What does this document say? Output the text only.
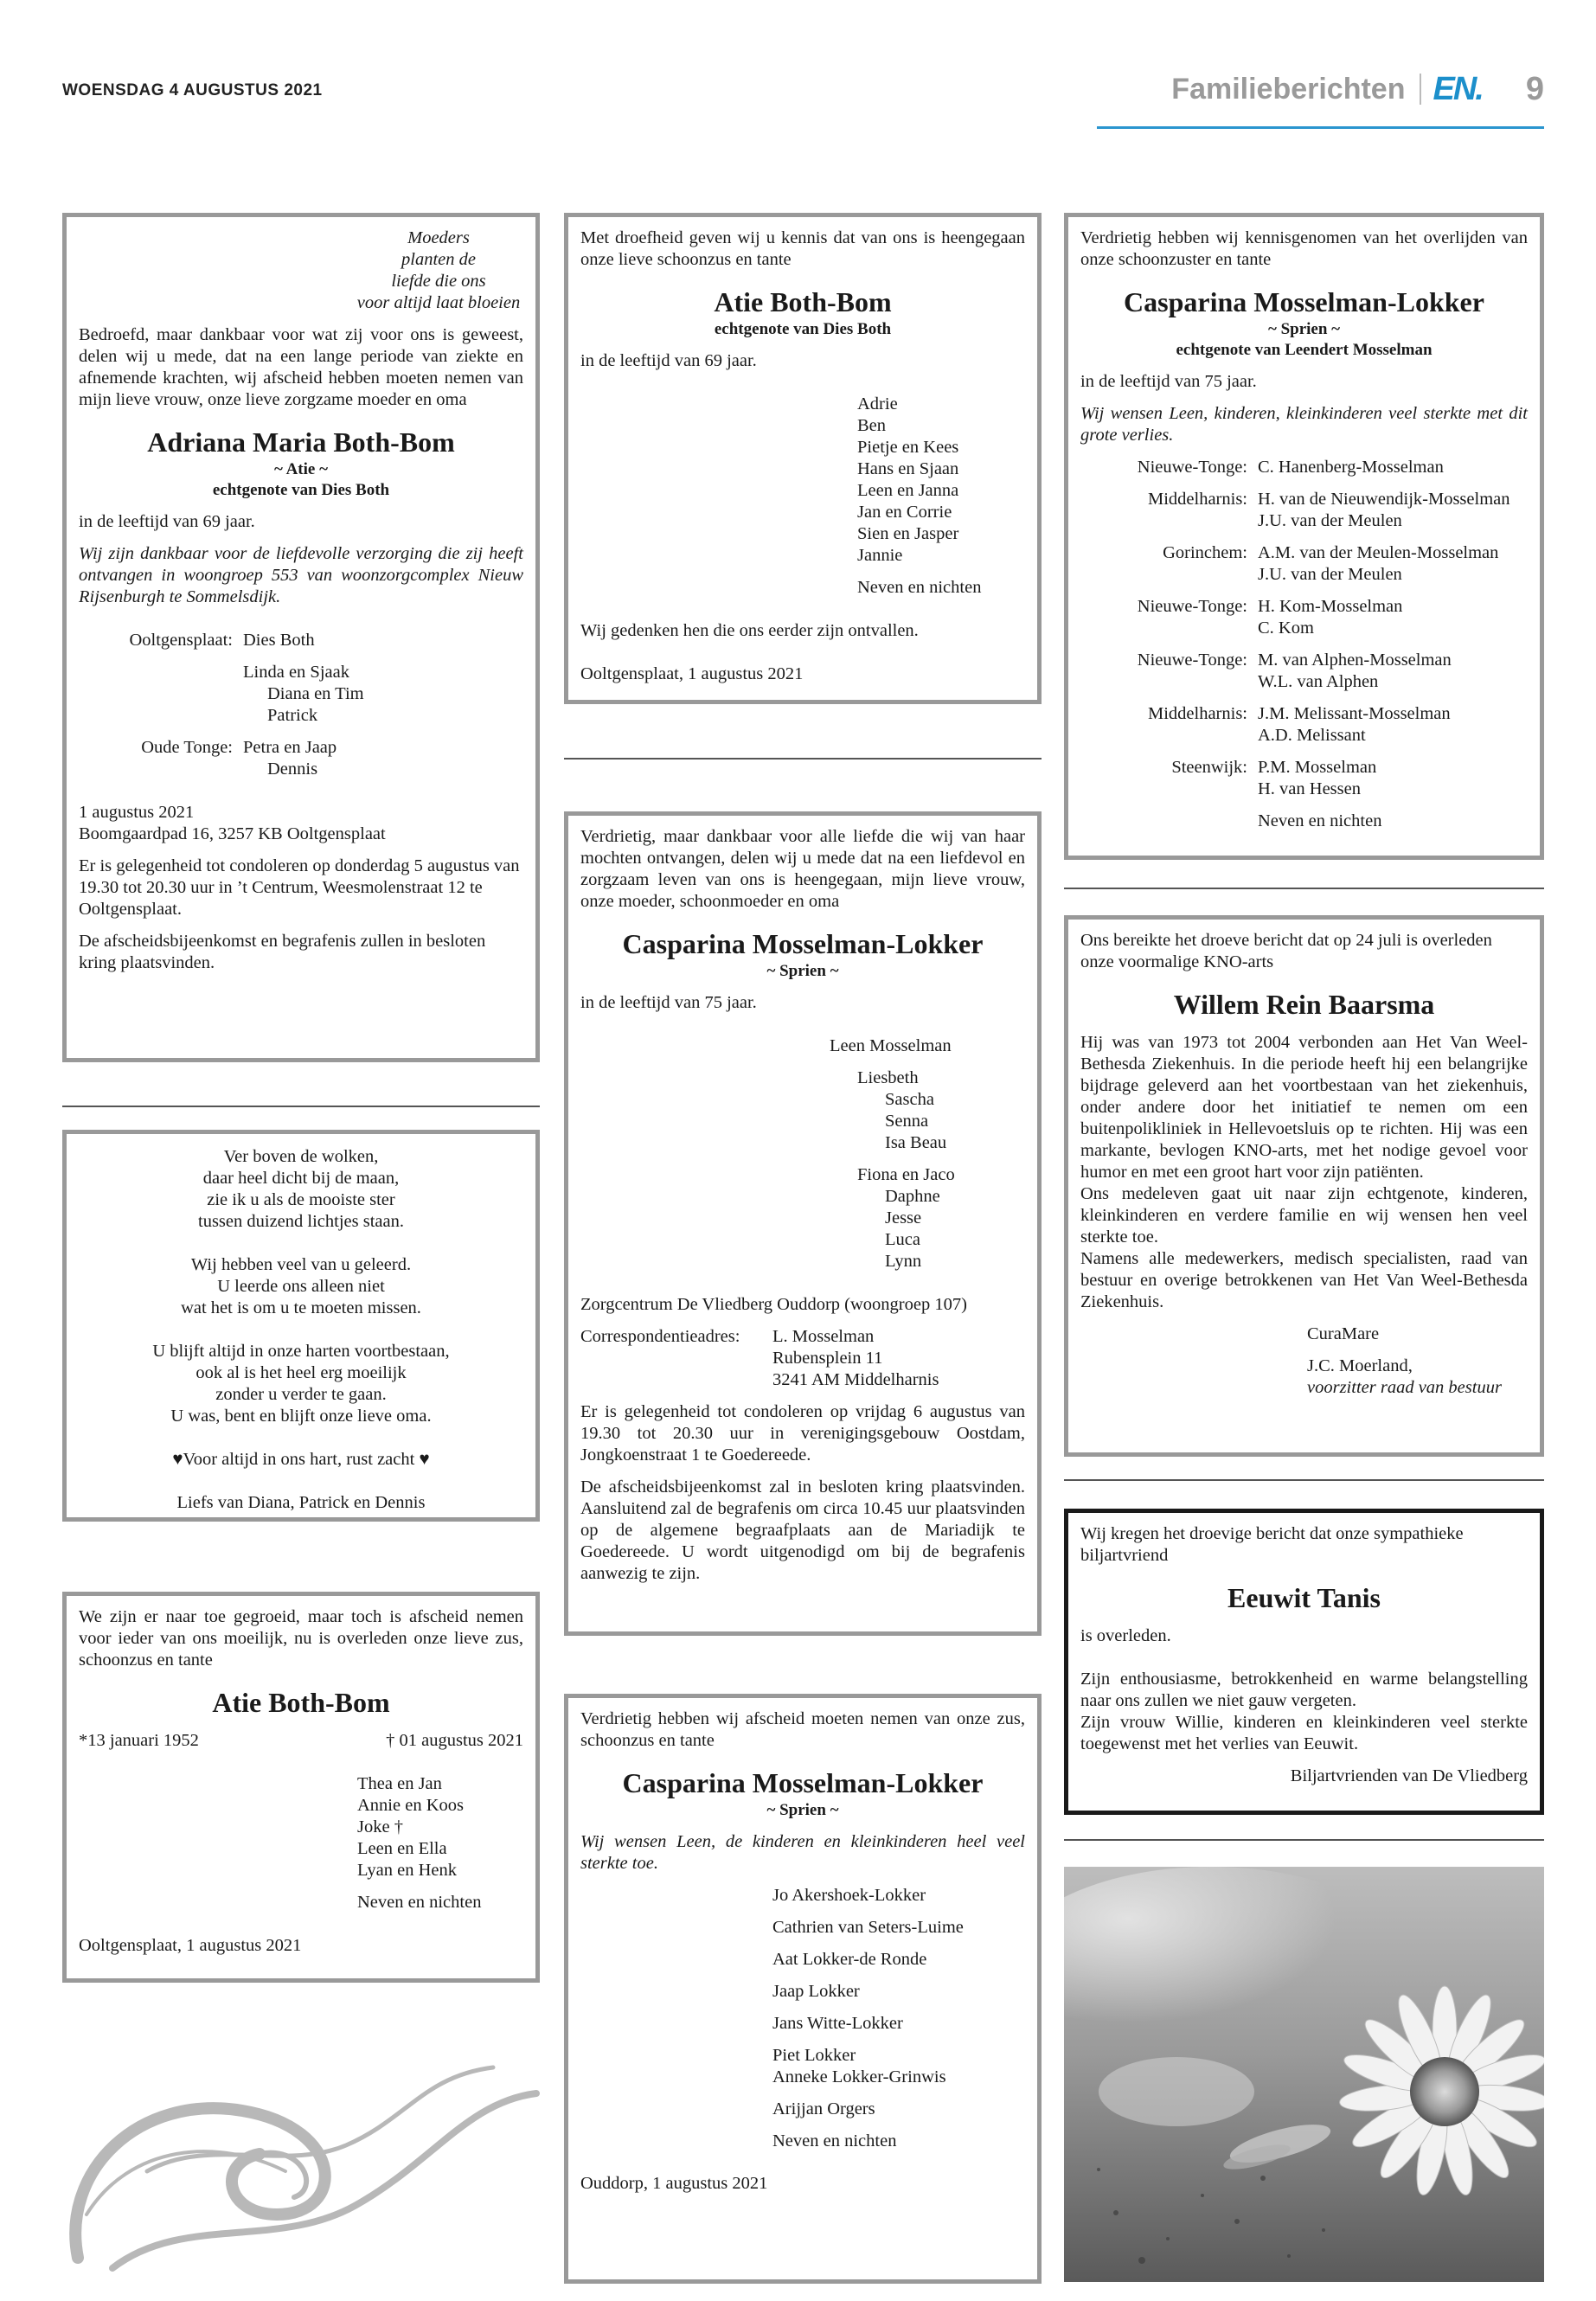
WOENSDAG 4 AUGUSTUS 2021	Familieberichten EN. 9

Moeders

planten de

liefde die ons

voor altijd laat bloeien

Bedroefd, maar dankbaar voor wat zij voor ons is geweest, delen wij u mede, dat na een lange periode van ziekte en afnemende krachten, wij afscheid hebben moeten nemen van mijn lieve vrouw, onze lieve zorgzame moeder en oma

Adriana Maria Both-Bom
~ Atie ~
echtgenote van Dies Both

in de leeftijd van 69 jaar.

Wij zijn dankbaar voor de liefdevolle verzorging die zij heeft ontvangen in woongroep 553 van woonzorgcomplex Nieuw Rijsenburgh te Sommelsdijk.

Ooltgensplaat: Dies Both

Linda en Sjaak

Diana en Tim

Patrick

Oude Tonge: Petra en Jaap

Dennis

1 augustus 2021

Boomgaardpad 16, 3257 KB Ooltgensplaat

Er is gelegenheid tot condoleren op donderdag 5 augustus van 19.30 tot 20.30 uur in ’t Centrum, Weesmolenstraat 12 te Ooltgensplaat.

De afscheidsbijeenkomst en begrafenis zullen in besloten kring plaatsvinden.

Ver boven de wolken,

daar heel dicht bij de maan,

zie ik u als de mooiste ster

tussen duizend lichtjes staan.

Wij hebben veel van u geleerd.

U leerde ons alleen niet

wat het is om u te moeten missen.

U blijft altijd in onze harten voortbestaan,

ook al is het heel erg moeilijk

zonder u verder te gaan.

U was, bent en blijft onze lieve oma.

♥Voor altijd in ons hart, rust zacht ♥

Liefs van Diana, Patrick en Dennis

We zijn er naar toe gegroeid, maar toch is afscheid nemen voor ieder van ons moeilijk, nu is overleden onze lieve zus, schoonzus en tante

Atie Both-Bom
*13 januari 1952	† 01 augustus 2021

Thea en Jan

Annie en Koos

Joke †

Leen en Ella

Lyan en Henk

Neven en nichten

Ooltgensplaat, 1 augustus 2021

Met droefheid geven wij u kennis dat van ons is heengegaan onze lieve schoonzus en tante

Atie Both-Bom
echtgenote van Dies Both

in de leeftijd van 69 jaar.

Adrie

Ben

Pietje en Kees

Hans en Sjaan

Leen en Janna

Jan en Corrie

Sien en Jasper

Jannie

Neven en nichten

Wij gedenken hen die ons eerder zijn ontvallen.

Ooltgensplaat, 1 augustus 2021

Verdrietig, maar dankbaar voor alle liefde die wij van haar mochten ontvangen, delen wij u mede dat na een liefdevol en zorgzaam leven van ons is heengegaan, mijn lieve vrouw, onze moeder, schoonmoeder en oma

Casparina Mosselman-Lokker
~ Sprien ~

in de leeftijd van 75 jaar.

Leen Mosselman

Liesbeth

Sascha

Senna

Isa Beau

Fiona en Jaco

Daphne

Jesse

Luca

Lynn

Zorgcentrum De Vliedberg Ouddorp (woongroep 107)

Correspondentieadres:	L. Mosselman

Rubensplein 11

3241 AM Middelharnis

Er is gelegenheid tot condoleren op vrijdag 6 augustus van 19.30 tot 20.30 uur in verenigingsgebouw Oostdam, Jongkoenstraat 1 te Goedereede.

De afscheidsbijeenkomst zal in besloten kring plaatsvinden. Aansluitend zal de begrafenis om circa 10.45 uur plaatsvinden op de algemene begraafplaats aan de Mariadijk te Goedereede. U wordt uitgenodigd om bij de begrafenis aanwezig te zijn.

Verdrietig hebben wij afscheid moeten nemen van onze zus, schoonzus en tante

Casparina Mosselman-Lokker
~ Sprien ~

Wij wensen Leen, de kinderen en kleinkinderen heel veel sterkte toe.

Jo Akershoek-Lokker

Cathrien van Seters-Luime

Aat Lokker-de Ronde

Jaap Lokker

Jans Witte-Lokker

Piet Lokker

Anneke Lokker-Grinwis

Arijjan Orgers

Neven en nichten

Ouddorp, 1 augustus 2021

Verdrietig hebben wij kennisgenomen van het overlijden van onze schoonzuster en tante

Casparina Mosselman-Lokker
~ Sprien ~
echtgenote van Leendert Mosselman

in de leeftijd van 75 jaar.

Wij wensen Leen, kinderen, kleinkinderen veel sterkte met dit grote verlies.

Nieuwe-Tonge: C. Hanenberg-Mosselman

Middelharnis: H. van de Nieuwendijk-Mosselman

J.U. van der Meulen

Gorinchem: A.M. van der Meulen-Mosselman

J.U. van der Meulen

Nieuwe-Tonge: H. Kom-Mosselman

C. Kom

Nieuwe-Tonge: M. van Alphen-Mosselman

W.L. van Alphen

Middelharnis: J.M. Melissant-Mosselman

A.D. Melissant

Steenwijk: P.M. Mosselman

H. van Hessen

Neven en nichten

Ons bereikte het droeve bericht dat op 24 juli is overleden onze voormalige KNO-arts

Willem Rein Baarsma

Hij was van 1973 tot 2004 verbonden aan Het Van Weel-Bethesda Ziekenhuis. In die periode heeft hij een belangrijke bijdrage geleverd aan het voortbestaan van het ziekenhuis, onder andere door het initiatief te nemen om een buitenpolikliniek in Hellevoetsluis op te richten. Hij was een markante, bevlogen KNO-arts, met het nodige gevoel voor humor en met een groot hart voor zijn patiënten.

Ons medeleven gaat uit naar zijn echtgenote, kinderen, kleinkinderen en verdere familie en wij wensen hen veel sterkte toe.

Namens alle medewerkers, medisch specialisten, raad van bestuur en overige betrokkenen van Het Van Weel-Bethesda Ziekenhuis.

CuraMare

J.C. Moerland,

voorzitter raad van bestuur

Wij kregen het droevige bericht dat onze sympathieke biljartvriend

Eeuwit Tanis

is overleden.

Zijn enthousiasme, betrokkenheid en warme belangstelling naar ons zullen we niet gauw vergeten.

Zijn vrouw Willie, kinderen en kleinkinderen veel sterkte toegewenst met het verlies van Eeuwit.

Biljartvrienden van De Vliedberg
